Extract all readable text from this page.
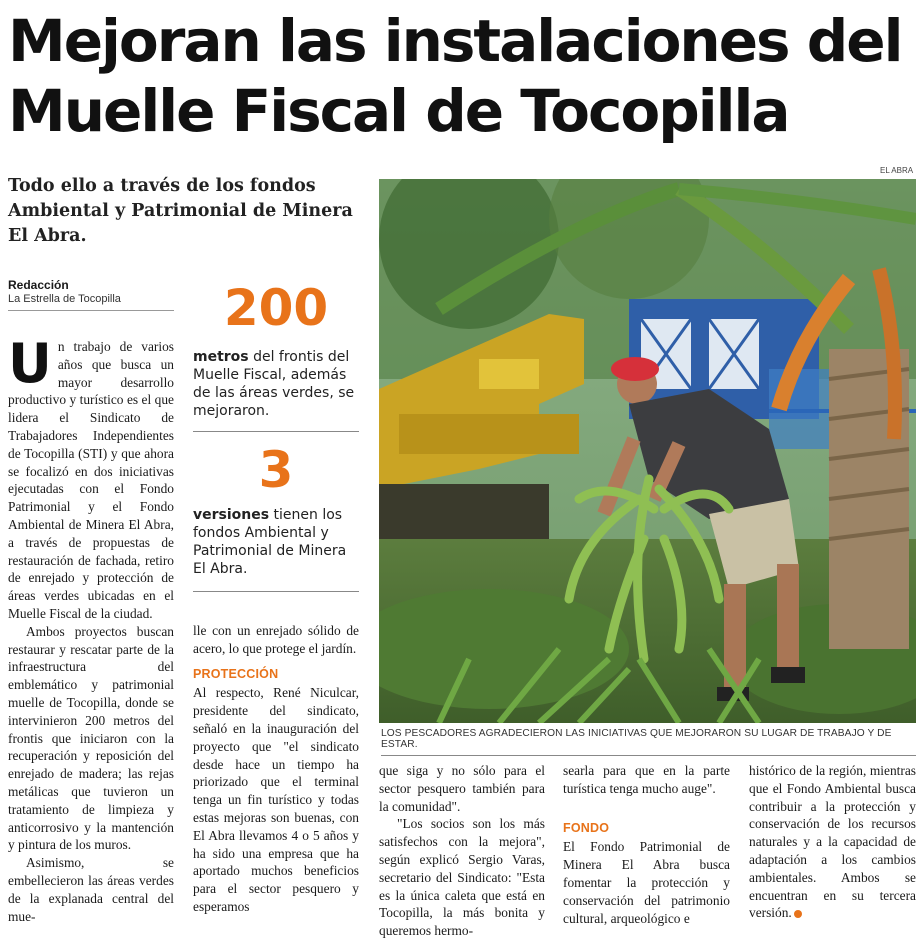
Mejoran las instalaciones del
Muelle Fiscal de Tocopilla
Todo ello a través de los fondos Ambiental y Patrimonial de Minera El Abra.
Redacción
La Estrella de Tocopilla

Un trabajo de varios años que busca un mayor desarrollo productivo y turístico es el que lidera el Sindicato de Trabajadores Independientes de Tocopilla (STI) y que ahora se focalizó en dos iniciativas ejecutadas con el Fondo Patrimonial y el Fondo Ambiental de Minera El Abra, a través de propuestas de restauración de fachada, retiro de enrejado y protección de áreas verdes ubicadas en el Muelle Fiscal de la ciudad.

Ambos proyectos buscan restaurar y rescatar parte de la infraestructura del emblemático y patrimonial muelle de Tocopilla, donde se intervinieron 200 metros del frontis que iniciaron con la recuperación y reposición del enrejado de madera; las rejas metálicas que tuvieron un tratamiento de limpieza y anticorrosivo y la mantención y pintura de los muros.

Asimismo, se embellecieron las áreas verdes de la explanada central del mue-

200
metros del frontis del Muelle Fiscal, además de las áreas verdes, se mejoraron.
3
versiones tienen los fondos Ambiental y Patrimonial de Minera El Abra.

lle con un enrejado sólido de acero, lo que protege el jardín.

PROTECCIÓN

Al respecto, René Niculcar, presidente del sindicato, señaló en la inauguración del proyecto que "el sindicato desde hace un tiempo ha priorizado que el terminal tenga un fin turístico y todas estas mejoras son buenas, con El Abra llevamos 4 o 5 años y ha sido una empresa que ha aportado muchos beneficios para el sector pesquero y esperamos

EL ABRA
LOS PESCADORES AGRADECIERON LAS INICIATIVAS QUE MEJORARON SU LUGAR DE TRABAJO Y DE ESTAR.

que siga y no sólo para el sector pesquero también para la comunidad".

"Los socios son los más satisfechos con la mejora", según explicó Sergio Varas, secretario del Sindicato: "Esta es la única caleta que está en Tocopilla, la más bonita y queremos hermo-

searla para que en la parte turística tenga mucho auge".

FONDO

El Fondo Patrimonial de Minera El Abra busca fomentar la protección y conservación del patrimonio cultural, arqueológico e

histórico de la región, mientras que el Fondo Ambiental busca contribuir a la protección y conservación de los recursos naturales y a la capacidad de adaptación a los cambios ambientales. Ambos se encuentran en su tercera versión.
